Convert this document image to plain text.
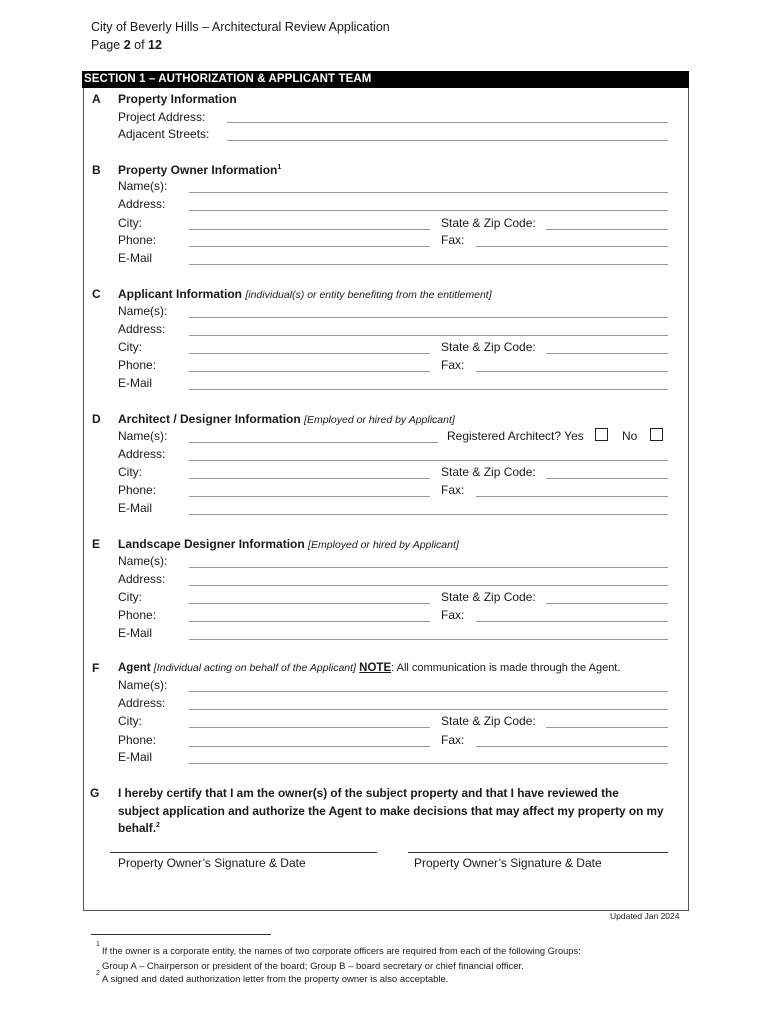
City of Beverly Hills – Architectural Review Application
Page 2 of 12
SECTION 1 – AUTHORIZATION & APPLICANT TEAM
A Property Information
Project Address:
Adjacent Streets:
B Property Owner Information$^1$
Name(s):
Address:
City:	State & Zip Code:
Phone:	Fax:
E-Mail
C Applicant Information [individual(s) or entity benefiting from the entitlement]
Name(s):
Address:
City:	State & Zip Code:
Phone:	Fax:
E-Mail
D Architect / Designer Information [Employed or hired by Applicant]
Name(s):	Registered Architect? Yes	No
Address:
City:	State & Zip Code:
Phone:	Fax:
E-Mail
E Landscape Designer Information [Employed or hired by Applicant]
Name(s):
Address:
City:	State & Zip Code:
Phone:	Fax:
E-Mail
F Agent [Individual acting on behalf of the Applicant] NOTE: All communication is made through the Agent.
Name(s):
Address:
City:	State & Zip Code:
Phone:	Fax:
E-Mail
G I hereby certify that I am the owner(s) of the subject property and that I have reviewed the
subject application and authorize the Agent to make decisions that may affect my property on my
behalf.$^2$
Property Owner’s Signature & Date	Property Owner’s Signature & Date
Updated Jan 2024
1
If the owner is a corporate entity, the names of two corporate officers are required from each of the following Groups:
Group A – Chairperson or president of the board; Group B – board secretary or chief financial officer.
2
A signed and dated authorization letter from the property owner is also acceptable.
